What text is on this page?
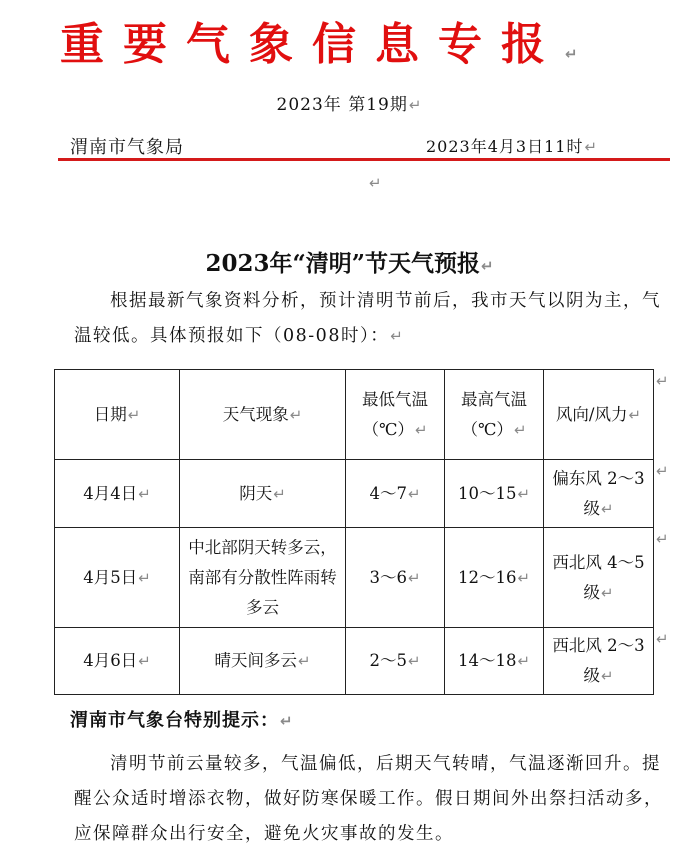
重要气象信息专报↵
2023年 第19期↵
渭南市气象局	2023年4月3日11时↵
↵
2023年“清明”节天气预报↵
根据最新气象资料分析，预计清明节前后，我市天气以阴为主，气温较低。具体预报如下（08-08时）：↵
日期↵	天气现象↵	最低气温（℃）↵	最高气温（℃）↵	风向/风力↵
4月4日↵	阴天↵	4～7↵	10～15↵	偏东风 2～3级↵
4月5日↵	中北部阴天转多云，南部有分散性阵雨转多云	3～6↵	12～16↵	西北风 4～5级↵
4月6日↵	晴天间多云↵	2～5↵	14～18↵	西北风 2～3级↵
↵
↵
↵
↵
渭南市气象台特别提示：↵
清明节前云量较多，气温偏低，后期天气转晴，气温逐渐回升。提醒公众适时增添衣物，做好防寒保暖工作。假日期间外出祭扫活动多，应保障群众出行安全，避免火灾事故的发生。
